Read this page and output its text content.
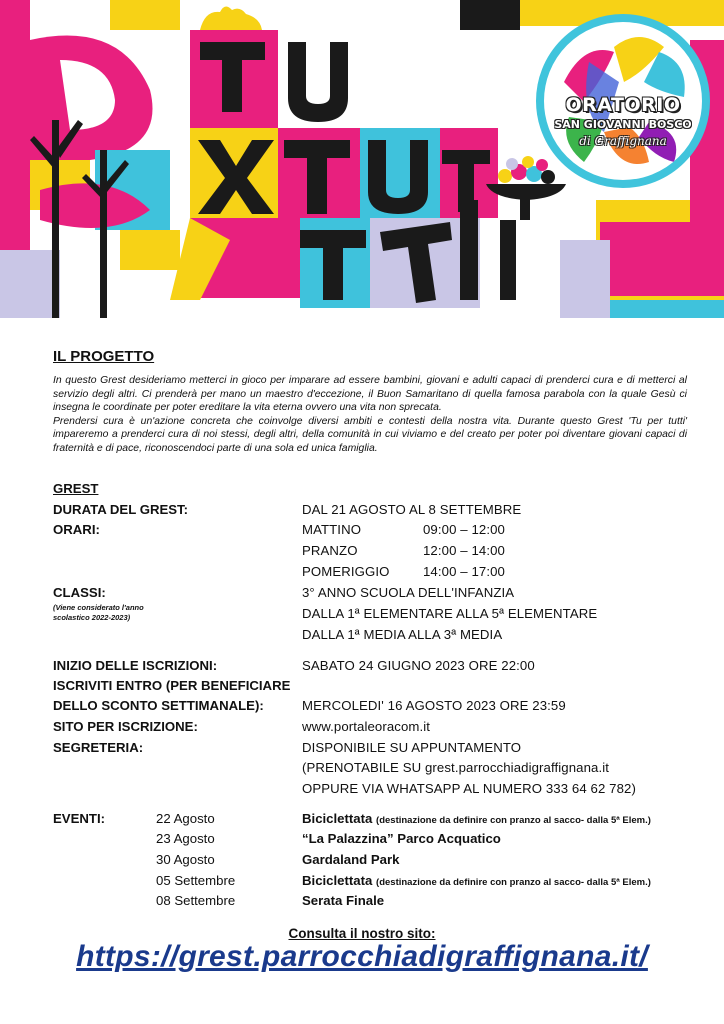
ORATORIO
SAN GIOVANNI BOSCO
di Graffignana
IL PROGETTO

In questo Grest desideriamo metterci in gioco per imparare ad essere bambini, giovani e adulti capaci di prenderci cura e di metterci al servizio degli altri. Ci prenderà per mano un maestro d'eccezione, il Buon Samaritano di quella famosa parabola con la quale Gesù ci insegna le coordinate per poter ereditare la vita eterna ovvero una vita non sprecata.

Prendersi cura è un'azione concreta che coinvolge diversi ambiti e contesti della nostra vita. Durante questo Grest 'Tu per tutti' impareremo a prenderci cura di noi stessi, degli altri, della comunità in cui viviamo e del creato per poter poi diventare giovani capaci di fraternità e di pace, riconoscendoci parte di una sola ed unica famiglia.

GREST
DURATA DEL GREST:	DAL 21 AGOSTO AL 8 SETTEMBRE
ORARI:	MATTINO	09:00 – 12:00
PRANZO	12:00 – 14:00
POMERIGGIO	14:00 – 17:00
CLASSI:
(Viene considerato l'anno scolastico 2022-2023)
3° ANNO SCUOLA DELL'INFANZIA
DALLA 1ª ELEMENTARE ALLA 5ª ELEMENTARE
DALLA 1ª MEDIA ALLA 3ª MEDIA
INIZIO DELLE ISCRIZIONI:	SABATO 24 GIUGNO 2023 ORE 22:00
ISCRIVITI ENTRO (PER BENEFICIARE
DELLO SCONTO SETTIMANALE):	MERCOLEDI' 16 AGOSTO 2023 ORE 23:59
SITO PER ISCRIZIONE:	www.portaleoracom.it
SEGRETERIA:	DISPONIBILE SU APPUNTAMENTO
(PRENOTABILE SU grest.parrocchiadigraffignana.it
OPPURE VIA WHATSAPP AL NUMERO 333 64 62 782)
EVENTI:	22 Agosto	Biciclettata (destinazione da definire con pranzo al sacco- dalla 5ª Elem.)
23 Agosto	“La Palazzina” Parco Acquatico
30 Agosto	Gardaland Park
05 Settembre	Biciclettata (destinazione da definire con pranzo al sacco- dalla 5ª Elem.)
08 Settembre	Serata Finale
Consulta il nostro sito:
https://grest.parrocchiadigraffignana.it/
